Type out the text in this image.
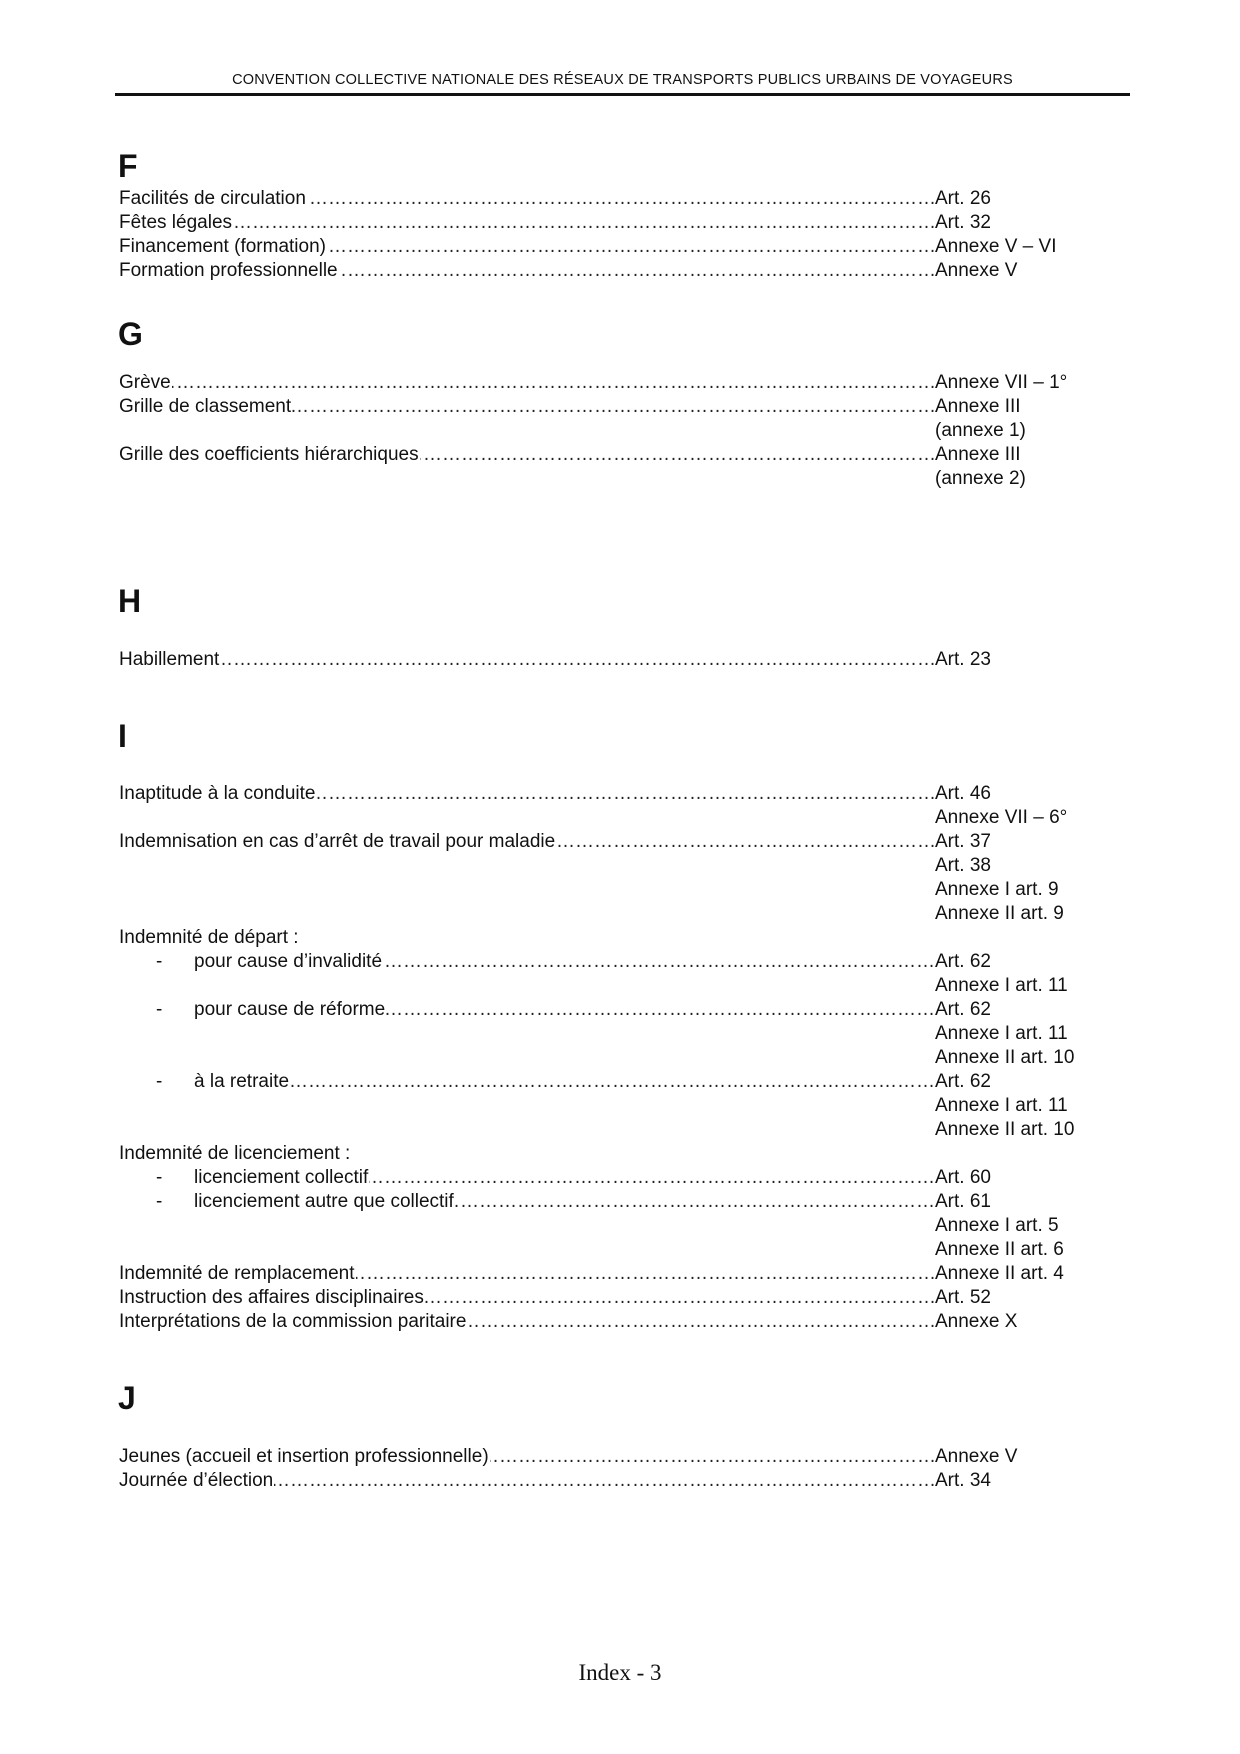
CONVENTION COLLECTIVE NATIONALE DES RÉSEAUX DE TRANSPORTS PUBLICS URBAINS DE VOYAGEURS
F
Facilités de circulation …………………………………………………………………………………………………………………………………………………………………………………………………	Art. 26
Fêtes légales …………………………………………………………………………………………………………………………………………………………………………………………………	Art. 32
Financement (formation) …………………………………………………………………………………………………………………………………………………………………………………………………	Annexe V – VI
Formation professionnelle …………………………………………………………………………………………………………………………………………………………………………………………………	Annexe V
G
Grève …………………………………………………………………………………………………………………………………………………………………………………………………	Annexe VII – 1°
Grille de classement …………………………………………………………………………………………………………………………………………………………………………………………………	Annexe III
(annexe 1)
Grille des coefficients hiérarchiques …………………………………………………………………………………………………………………………………………………………………………………………………	Annexe III
(annexe 2)
H
Habillement …………………………………………………………………………………………………………………………………………………………………………………………………	Art. 23
I
Inaptitude à la conduite …………………………………………………………………………………………………………………………………………………………………………………………………	Art. 46
Annexe VII – 6°
Indemnisation en cas d’arrêt de travail pour maladie …………………………………………………………………………………………………………………………………………………………………………………………………	Art. 37
Art. 38
Annexe I art. 9
Annexe II art. 9
Indemnité de départ :
- pour cause d’invalidité …………………………………………………………………………………………………………………………………………………………………………………………………	Art. 62
Annexe I art. 11
- pour cause de réforme …………………………………………………………………………………………………………………………………………………………………………………………………	Art. 62
Annexe I art. 11
Annexe II art. 10
- à la retraite …………………………………………………………………………………………………………………………………………………………………………………………………	Art. 62
Annexe I art. 11
Annexe II art. 10
Indemnité de licenciement :
- licenciement collectif …………………………………………………………………………………………………………………………………………………………………………………………………	Art. 60
- licenciement autre que collectif …………………………………………………………………………………………………………………………………………………………………………………………………	Art. 61
Annexe I art. 5
Annexe II art. 6
Indemnité de remplacement …………………………………………………………………………………………………………………………………………………………………………………………………	Annexe II art. 4
Instruction des affaires disciplinaires …………………………………………………………………………………………………………………………………………………………………………………………………	Art. 52
Interprétations de la commission paritaire …………………………………………………………………………………………………………………………………………………………………………………………………	Annexe X
J
Jeunes (accueil et insertion professionnelle) …………………………………………………………………………………………………………………………………………………………………………………………………	Annexe V
Journée d’élection …………………………………………………………………………………………………………………………………………………………………………………………………	Art. 34
Index - 3
